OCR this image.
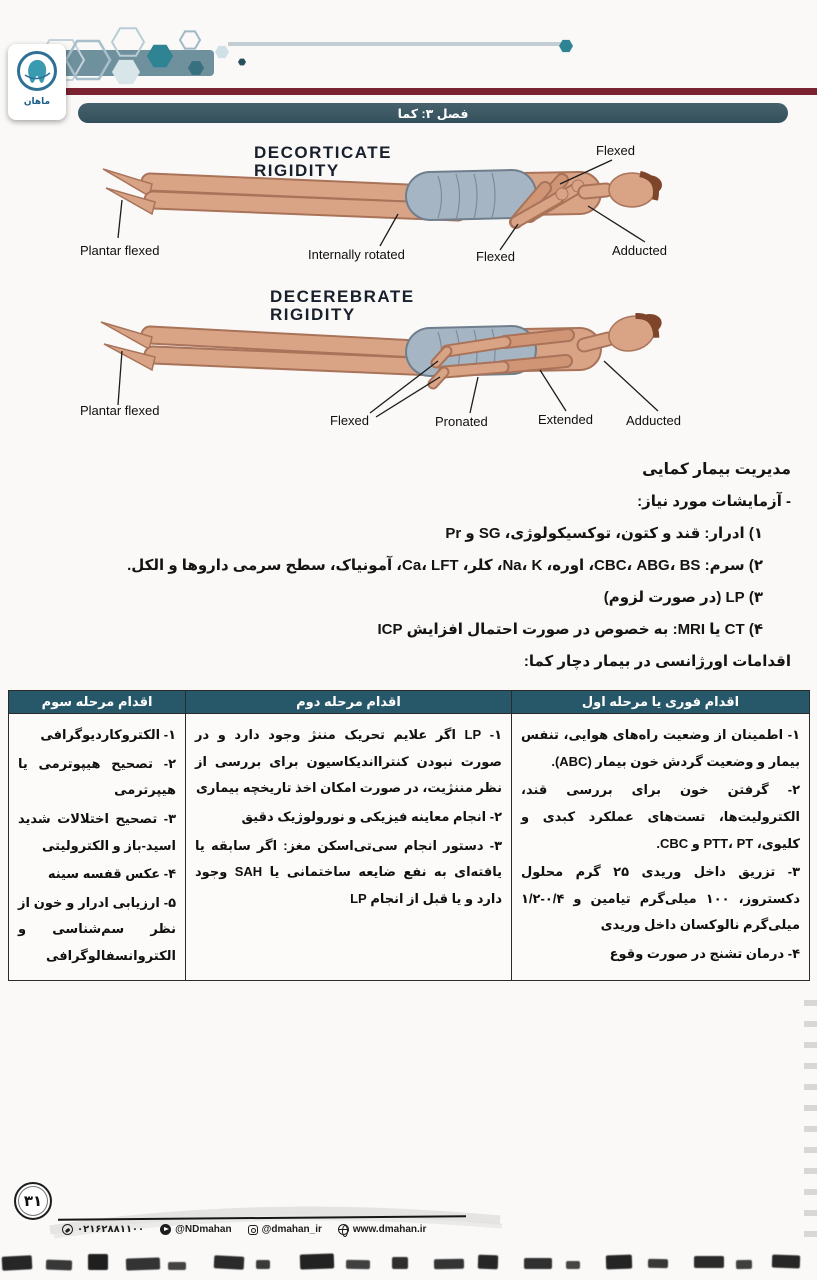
ماهان
فصل ۳: کما
DECORTICATE
RIGIDITY
Flexed
Plantar flexed	Internally rotated	Flexed	Adducted
DECEREBRATE
RIGIDITY
Plantar flexed
Flexed	Pronated	Extended	Adducted
مدیریت بیمار کمایی
- آزمایشات مورد نیاز:
۱) ادرار: قند و کتون، توکسیکولوژی، SG و Pr
۲) سرم: CBC، ABG، BS، اوره، Na، K، کلر، Ca، LFT، آمونیاک، سطح سرمی داروها و الکل.
۳) LP (در صورت لزوم)
۴) CT یا MRI: به خصوص در صورت احتمال افزایش ICP
اقدامات اورژانسی در بیمار دچار کما:
اقدام فوری یا مرحله اول	اقدام مرحله دوم	اقدام مرحله سوم

۱- اطمینان از وضعیت راه‌های هوایی، تنفس بیمار و وضعیت گردش خون بیمار (ABC).
۲- گرفتن خون برای بررسی قند، الکترولیت‌ها، تست‌های عملکرد کبدی و کلیوی، PTT، PT و CBC.
۳- تزریق داخل وریدی ۲۵ گرم محلول دکستروز، ۱۰۰ میلی‌گرم تیامین و ۰/۴-۱/۲ میلی‌گرم نالوکسان داخل وریدی
۴- درمان تشنج در صورت وقوع

۱- LP اگر علایم تحریک مننژ وجود دارد و در صورت نبودن کنترااندیکاسیون برای بررسی از نظر مننژیت، در صورت امکان اخذ تاریخچه بیماری
۲- انجام معاینه فیزیکی و نورولوژیک دقیق
۳- دستور انجام سی‌تی‌اسکن مغز: اگر سابقه یا یافته‌ای به نفع ضایعه ساختمانی یا SAH وجود دارد و یا قبل از انجام LP

۱- الکتروکاردیوگرافی
۲- تصحیح هیپوترمی یا هیپرترمی
۳- تصحیح اختلالات شدید اسید-باز و الکترولیتی
۴- عکس قفسه سینه
۵- ارزیابی ادرار و خون از نظر سم‌شناسی و الکتروانسفالوگرافی
۳۱
۰۲۱۶۲۸۸۱۱۰۰	@NDmahan	@dmahan_ir	www.dmahan.ir
